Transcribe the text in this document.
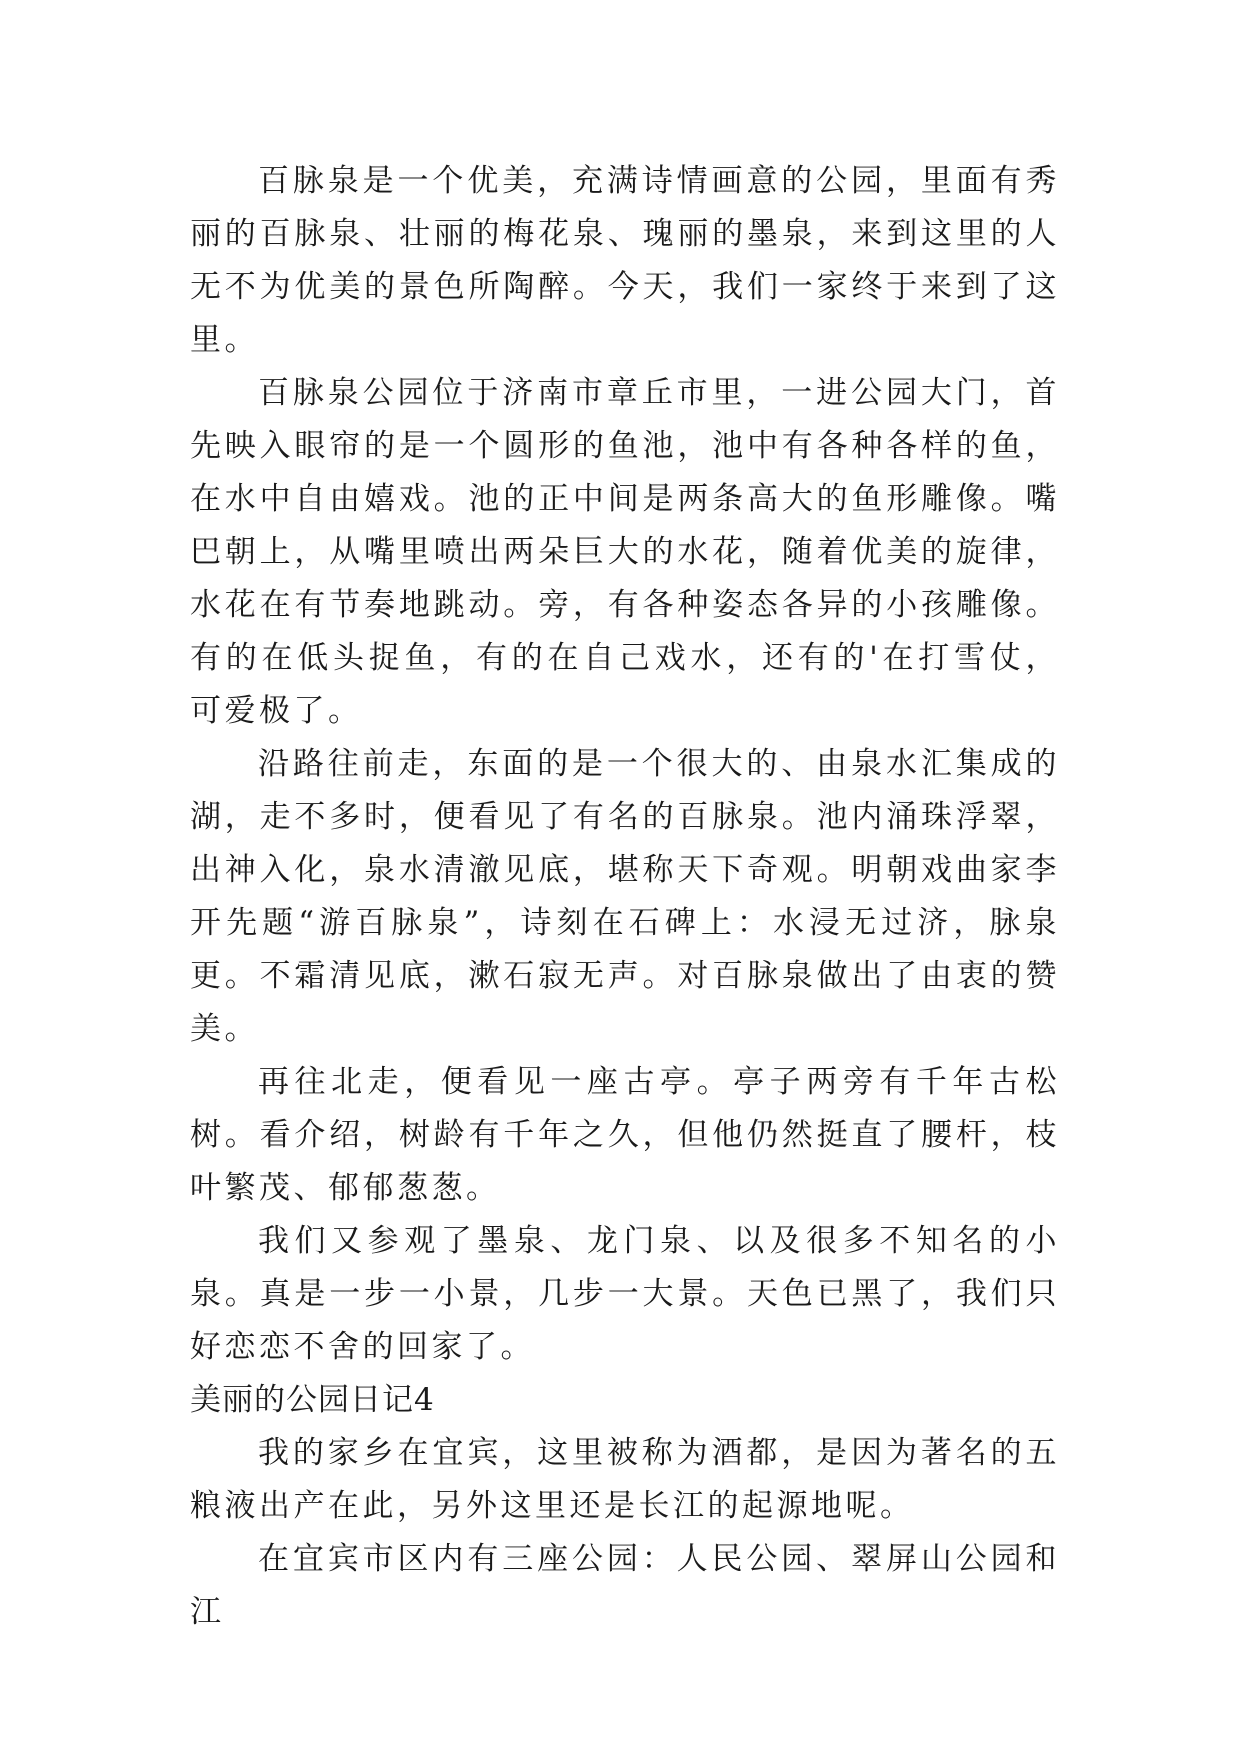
百脉泉是一个优美，充满诗情画意的公园，里面有秀丽的百脉泉、壮丽的梅花泉、瑰丽的墨泉，来到这里的人无不为优美的景色所陶醉。今天，我们一家终于来到了这里。

百脉泉公园位于济南市章丘市里，一进公园大门，首先映入眼帘的是一个圆形的鱼池，池中有各种各样的鱼，在水中自由嬉戏。池的正中间是两条高大的鱼形雕像。嘴巴朝上，从嘴里喷出两朵巨大的水花，随着优美的旋律，水花在有节奏地跳动。旁，有各种姿态各异的小孩雕像。有的在低头捉鱼，有的在自己戏水，还有的'在打雪仗，可爱极了。

沿路往前走，东面的是一个很大的、由泉水汇集成的湖，走不多时，便看见了有名的百脉泉。池内涌珠浮翠，出神入化，泉水清澈见底，堪称天下奇观。明朝戏曲家李开先题“游百脉泉”，诗刻在石碑上：水浸无过济，脉泉更。不霜清见底，漱石寂无声。对百脉泉做出了由衷的赞美。

再往北走，便看见一座古亭。亭子两旁有千年古松树。看介绍，树龄有千年之久，但他仍然挺直了腰杆，枝叶繁茂、郁郁葱葱。

我们又参观了墨泉、龙门泉、以及很多不知名的小泉。真是一步一小景，几步一大景。天色已黑了，我们只好恋恋不舍的回家了。

美丽的公园日记4

我的家乡在宜宾，这里被称为酒都，是因为著名的五粮液出产在此，另外这里还是长江的起源地呢。

在宜宾市区内有三座公园：人民公园、翠屏山公园和江
